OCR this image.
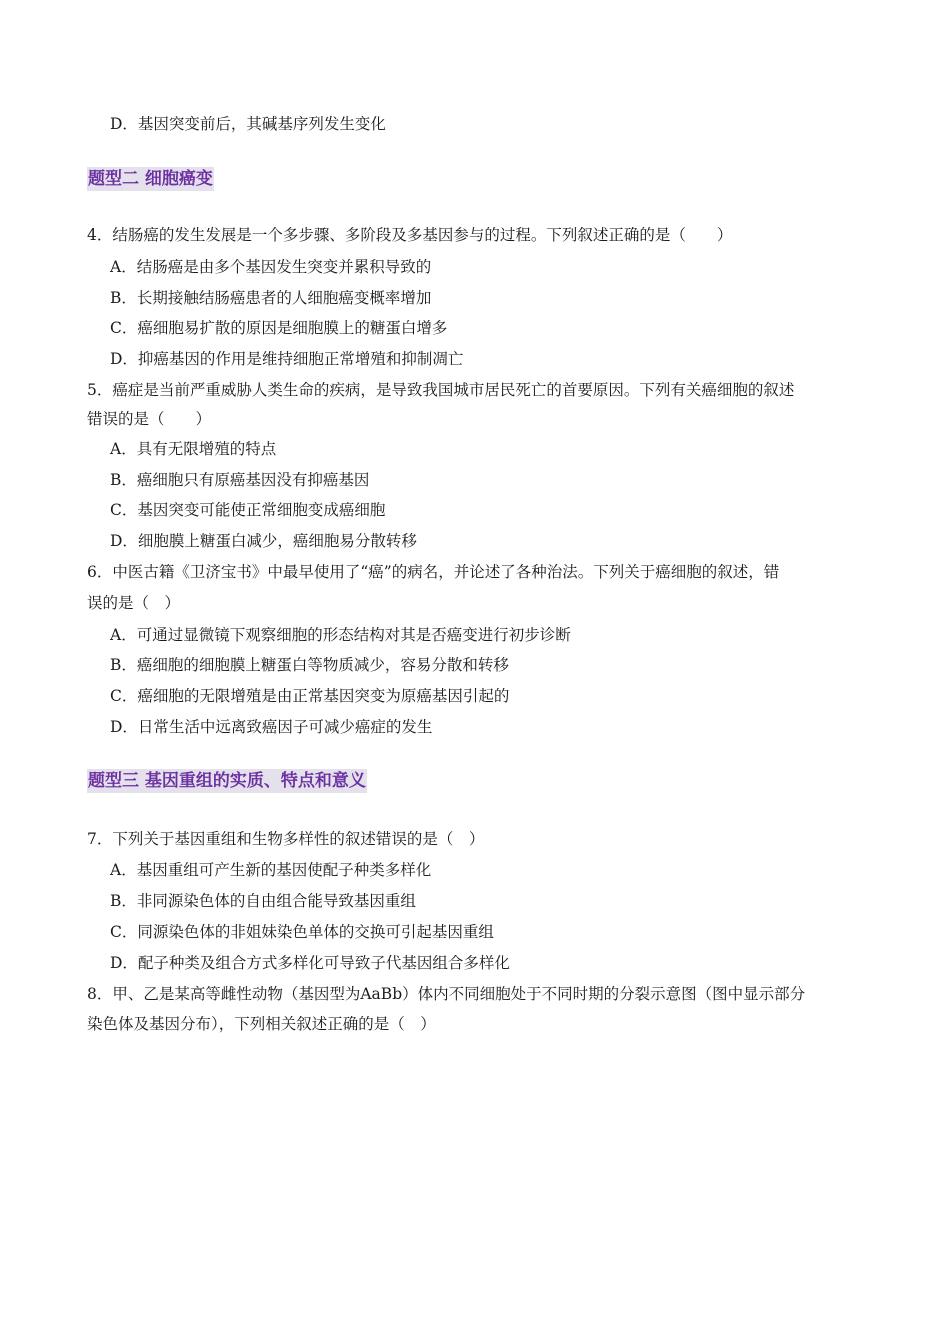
D．基因突变前后，其碱基序列发生变化
题型二 细胞癌变
4．结肠癌的发生发展是一个多步骤、多阶段及多基因参与的过程。下列叙述正确的是（　　）
A．结肠癌是由多个基因发生突变并累积导致的
B．长期接触结肠癌患者的人细胞癌变概率增加
C．癌细胞易扩散的原因是细胞膜上的糖蛋白增多
D．抑癌基因的作用是维持细胞正常增殖和抑制凋亡
5．癌症是当前严重威胁人类生命的疾病，是导致我国城市居民死亡的首要原因。下列有关癌细胞的叙述
错误的是（　　）
A．具有无限增殖的特点
B．癌细胞只有原癌基因没有抑癌基因
C．基因突变可能使正常细胞变成癌细胞
D．细胞膜上糖蛋白减少，癌细胞易分散转移
6．中医古籍《卫济宝书》中最早使用了“癌”的病名，并论述了各种治法。下列关于癌细胞的叙述，错
误的是（　）
A．可通过显微镜下观察细胞的形态结构对其是否癌变进行初步诊断
B．癌细胞的细胞膜上糖蛋白等物质减少，容易分散和转移
C．癌细胞的无限增殖是由正常基因突变为原癌基因引起的
D．日常生活中远离致癌因子可减少癌症的发生
题型三 基因重组的实质、特点和意义
7．下列关于基因重组和生物多样性的叙述错误的是（　）
A．基因重组可产生新的基因使配子种类多样化
B．非同源染色体的自由组合能导致基因重组
C．同源染色体的非姐妹染色单体的交换可引起基因重组
D．配子种类及组合方式多样化可导致子代基因组合多样化
8．甲、乙是某高等雌性动物（基因型为AaBb）体内不同细胞处于不同时期的分裂示意图（图中显示部分
染色体及基因分布），下列相关叙述正确的是（　）
